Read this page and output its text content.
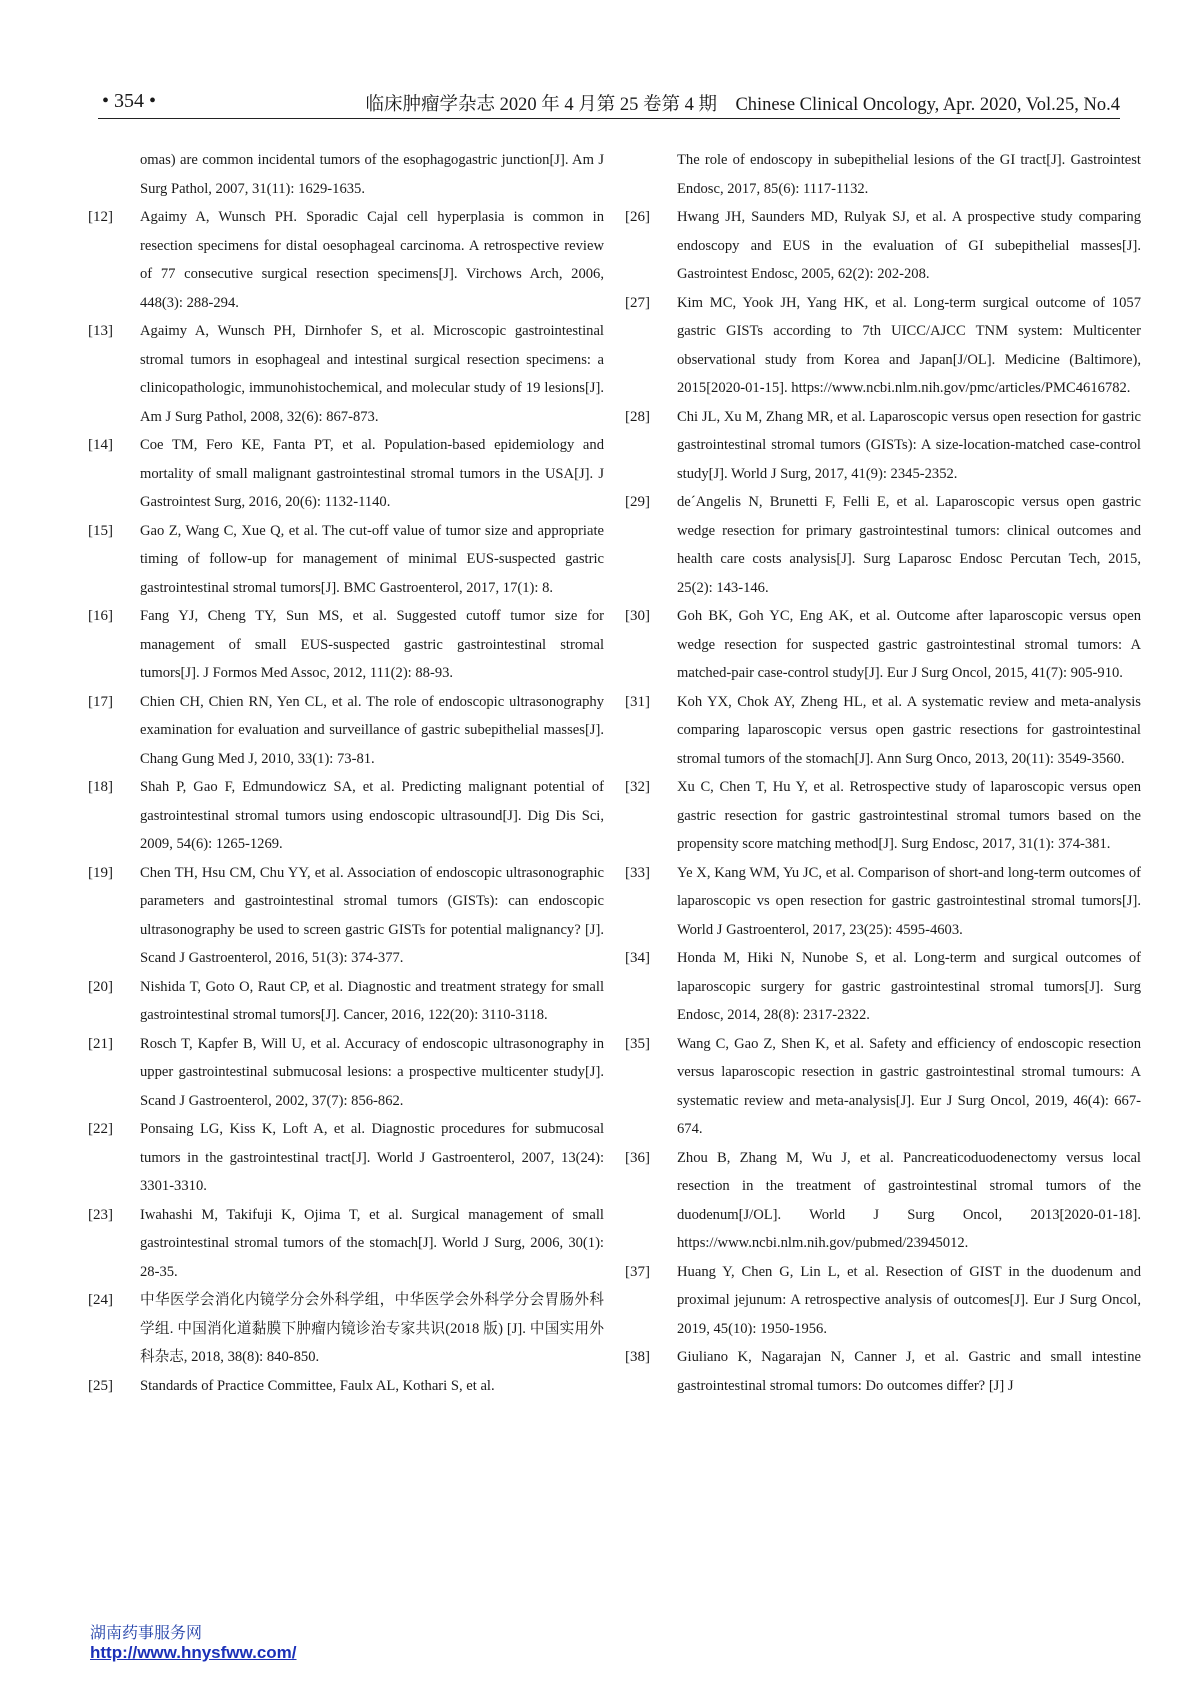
• 354 •	临床肿瘤学杂志 2020 年 4 月第 25 卷第 4 期　Chinese Clinical Oncology, Apr. 2020, Vol.25, No.4
omas) are common incidental tumors of the esophagogastric junction[J]. Am J Surg Pathol, 2007, 31(11): 1629-1635.
[12]	Agaimy A, Wunsch PH. Sporadic Cajal cell hyperplasia is common in resection specimens for distal oesophageal carcinoma. A retrospective review of 77 consecutive surgical resection specimens[J]. Virchows Arch, 2006, 448(3): 288-294.
[13]	Agaimy A, Wunsch PH, Dirnhofer S, et al. Microscopic gastrointestinal stromal tumors in esophageal and intestinal surgical resection specimens: a clinicopathologic, immunohistochemical, and molecular study of 19 lesions[J]. Am J Surg Pathol, 2008, 32(6): 867-873.
[14]	Coe TM, Fero KE, Fanta PT, et al. Population-based epidemiology and mortality of small malignant gastrointestinal stromal tumors in the USA[J]. J Gastrointest Surg, 2016, 20(6): 1132-1140.
[15]	Gao Z, Wang C, Xue Q, et al. The cut-off value of tumor size and appropriate timing of follow-up for management of minimal EUS-suspected gastric gastrointestinal stromal tumors[J]. BMC Gastroenterol, 2017, 17(1): 8.
[16]	Fang YJ, Cheng TY, Sun MS, et al. Suggested cutoff tumor size for management of small EUS-suspected gastric gastrointestinal stromal tumors[J]. J Formos Med Assoc, 2012, 111(2): 88-93.
[17]	Chien CH, Chien RN, Yen CL, et al. The role of endoscopic ultrasonography examination for evaluation and surveillance of gastric subepithelial masses[J]. Chang Gung Med J, 2010, 33(1): 73-81.
[18]	Shah P, Gao F, Edmundowicz SA, et al. Predicting malignant potential of gastrointestinal stromal tumors using endoscopic ultrasound[J]. Dig Dis Sci, 2009, 54(6): 1265-1269.
[19]	Chen TH, Hsu CM, Chu YY, et al. Association of endoscopic ultrasonographic parameters and gastrointestinal stromal tumors (GISTs): can endoscopic ultrasonography be used to screen gastric GISTs for potential malignancy? [J]. Scand J Gastroenterol, 2016, 51(3): 374-377.
[20]	Nishida T, Goto O, Raut CP, et al. Diagnostic and treatment strategy for small gastrointestinal stromal tumors[J]. Cancer, 2016, 122(20): 3110-3118.
[21]	Rosch T, Kapfer B, Will U, et al. Accuracy of endoscopic ultrasonography in upper gastrointestinal submucosal lesions: a prospective multicenter study[J]. Scand J Gastroenterol, 2002, 37(7): 856-862.
[22]	Ponsaing LG, Kiss K, Loft A, et al. Diagnostic procedures for submucosal tumors in the gastrointestinal tract[J]. World J Gastroenterol, 2007, 13(24): 3301-3310.
[23]	Iwahashi M, Takifuji K, Ojima T, et al. Surgical management of small gastrointestinal stromal tumors of the stomach[J]. World J Surg, 2006, 30(1): 28-35.
[24]	中华医学会消化内镜学分会外科学组，中华医学会外科学分会胃肠外科学组. 中国消化道黏膜下肿瘤内镜诊治专家共识(2018 版) [J]. 中国实用外科杂志, 2018, 38(8): 840-850.
[25]	Standards of Practice Committee, Faulx AL, Kothari S, et al.
The role of endoscopy in subepithelial lesions of the GI tract[J]. Gastrointest Endosc, 2017, 85(6): 1117-1132.
[26]	Hwang JH, Saunders MD, Rulyak SJ, et al. A prospective study comparing endoscopy and EUS in the evaluation of GI subepithelial masses[J]. Gastrointest Endosc, 2005, 62(2): 202-208.
[27]	Kim MC, Yook JH, Yang HK, et al. Long-term surgical outcome of 1057 gastric GISTs according to 7th UICC/AJCC TNM system: Multicenter observational study from Korea and Japan[J/OL]. Medicine (Baltimore), 2015[2020-01-15]. https://www.ncbi.nlm.nih.gov/pmc/articles/PMC4616782.
[28]	Chi JL, Xu M, Zhang MR, et al. Laparoscopic versus open resection for gastric gastrointestinal stromal tumors (GISTs): A size-location-matched case-control study[J]. World J Surg, 2017, 41(9): 2345-2352.
[29]	de´Angelis N, Brunetti F, Felli E, et al. Laparoscopic versus open gastric wedge resection for primary gastrointestinal tumors: clinical outcomes and health care costs analysis[J]. Surg Laparosc Endosc Percutan Tech, 2015, 25(2): 143-146.
[30]	Goh BK, Goh YC, Eng AK, et al. Outcome after laparoscopic versus open wedge resection for suspected gastric gastrointestinal stromal tumors: A matched-pair case-control study[J]. Eur J Surg Oncol, 2015, 41(7): 905-910.
[31]	Koh YX, Chok AY, Zheng HL, et al. A systematic review and meta-analysis comparing laparoscopic versus open gastric resections for gastrointestinal stromal tumors of the stomach[J]. Ann Surg Onco, 2013, 20(11): 3549-3560.
[32]	Xu C, Chen T, Hu Y, et al. Retrospective study of laparoscopic versus open gastric resection for gastric gastrointestinal stromal tumors based on the propensity score matching method[J]. Surg Endosc, 2017, 31(1): 374-381.
[33]	Ye X, Kang WM, Yu JC, et al. Comparison of short-and long-term outcomes of laparoscopic vs open resection for gastric gastrointestinal stromal tumors[J]. World J Gastroenterol, 2017, 23(25): 4595-4603.
[34]	Honda M, Hiki N, Nunobe S, et al. Long-term and surgical outcomes of laparoscopic surgery for gastric gastrointestinal stromal tumors[J]. Surg Endosc, 2014, 28(8): 2317-2322.
[35]	Wang C, Gao Z, Shen K, et al. Safety and efficiency of endoscopic resection versus laparoscopic resection in gastric gastrointestinal stromal tumours: A systematic review and meta-analysis[J]. Eur J Surg Oncol, 2019, 46(4): 667-674.
[36]	Zhou B, Zhang M, Wu J, et al. Pancreaticoduodenectomy versus local resection in the treatment of gastrointestinal stromal tumors of the duodenum[J/OL]. World J Surg Oncol, 2013[2020-01-18]. https://www.ncbi.nlm.nih.gov/pubmed/23945012.
[37]	Huang Y, Chen G, Lin L, et al. Resection of GIST in the duodenum and proximal jejunum: A retrospective analysis of outcomes[J]. Eur J Surg Oncol, 2019, 45(10): 1950-1956.
[38]	Giuliano K, Nagarajan N, Canner J, et al. Gastric and small intestine gastrointestinal stromal tumors: Do outcomes differ? [J] J
湖南药事服务网
http://www.hnysfww.com/
